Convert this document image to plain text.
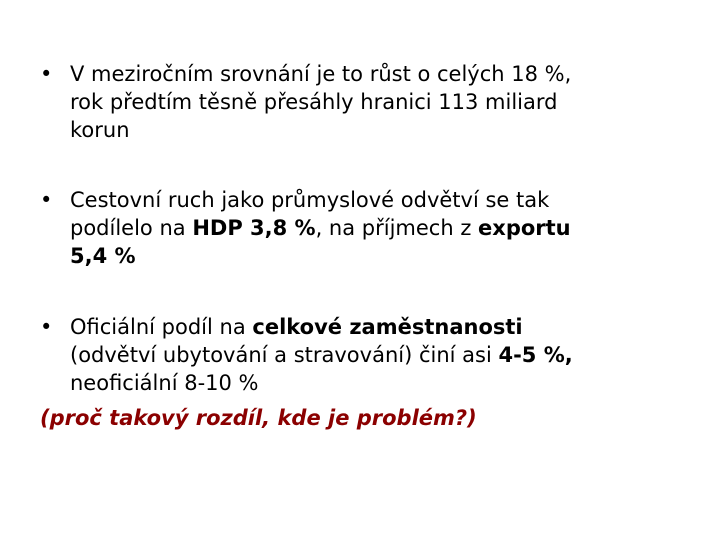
• V meziročním srovnání je to růst o celých 18 %,
rok předtím těsně přesáhly hranici 113 miliard
korun
• Cestovní ruch jako průmyslové odvětví se tak
podílelo na HDP 3,8 %, na příjmech z exportu
5,4 %
• Oficiální podíl na celkové zaměstnanosti
(odvětví ubytování a stravování) činí asi 4-5 %,
neoficiální 8-10 %
(proč takový rozdíl, kde je problém?)
